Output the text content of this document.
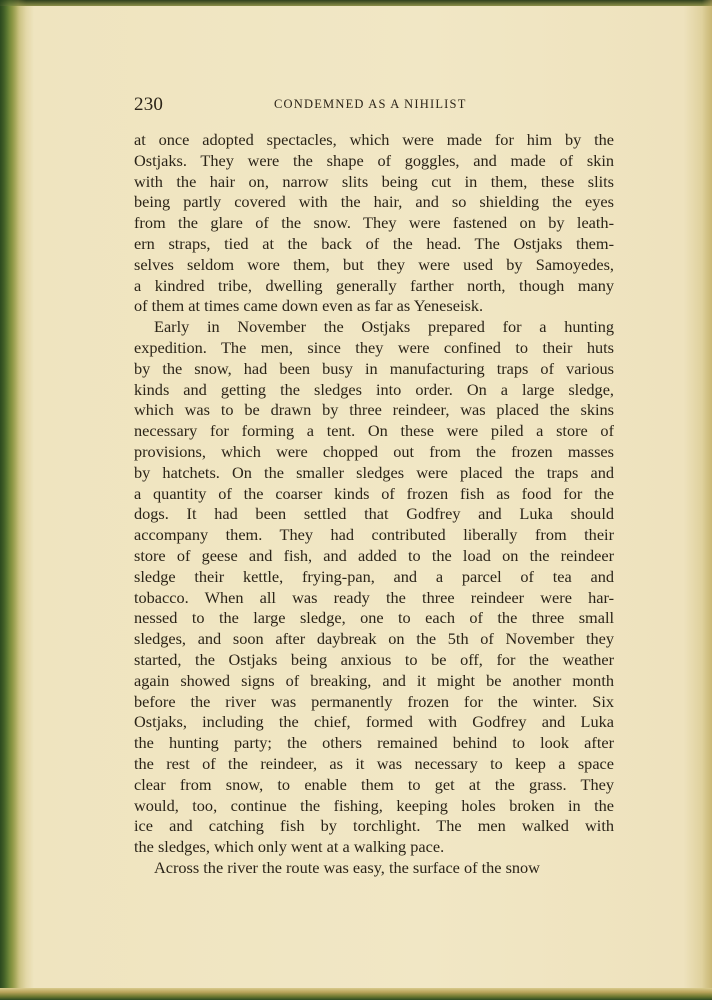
230	CONDEMNED AS A NIHILIST
at once adopted spectacles, which were made for him by the
Ostjaks. They were the shape of goggles, and made of skin
with the hair on, narrow slits being cut in them, these slits
being partly covered with the hair, and so shielding the eyes
from the glare of the snow. They were fastened on by leath-
ern straps, tied at the back of the head. The Ostjaks them-
selves seldom wore them, but they were used by Samoyedes,
a kindred tribe, dwelling generally farther north, though many
of them at times came down even as far as Yeneseisk.
Early in November the Ostjaks prepared for a hunting
expedition. The men, since they were confined to their huts
by the snow, had been busy in manufacturing traps of various
kinds and getting the sledges into order. On a large sledge,
which was to be drawn by three reindeer, was placed the skins
necessary for forming a tent. On these were piled a store of
provisions, which were chopped out from the frozen masses
by hatchets. On the smaller sledges were placed the traps and
a quantity of the coarser kinds of frozen fish as food for the
dogs. It had been settled that Godfrey and Luka should
accompany them. They had contributed liberally from their
store of geese and fish, and added to the load on the reindeer
sledge their kettle, frying-pan, and a parcel of tea and
tobacco. When all was ready the three reindeer were har-
nessed to the large sledge, one to each of the three small
sledges, and soon after daybreak on the 5th of November they
started, the Ostjaks being anxious to be off, for the weather
again showed signs of breaking, and it might be another month
before the river was permanently frozen for the winter. Six
Ostjaks, including the chief, formed with Godfrey and Luka
the hunting party; the others remained behind to look after
the rest of the reindeer, as it was necessary to keep a space
clear from snow, to enable them to get at the grass. They
would, too, continue the fishing, keeping holes broken in the
ice and catching fish by torchlight. The men walked with
the sledges, which only went at a walking pace.
Across the river the route was easy, the surface of the snow
